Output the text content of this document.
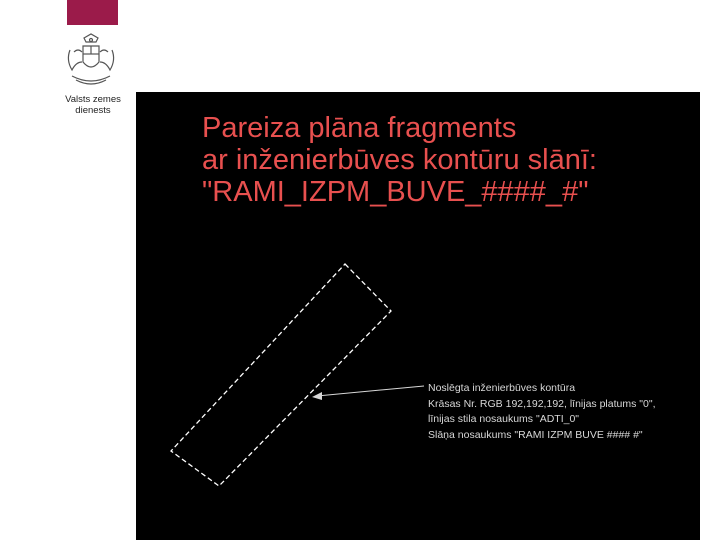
Valsts zemes
dienests
Pareiza plāna fragments
ar inženierbūves kontūru slānī:
"RAMI_IZPM_BUVE_####_#"
Noslēgta inženierbūves kontūra
Krāsas Nr. RGB 192,192,192, līnijas platums "0",
līnijas stila nosaukums "ADTI_0"
Slāņa nosaukums "RAMI IZPM BUVE #### #"
